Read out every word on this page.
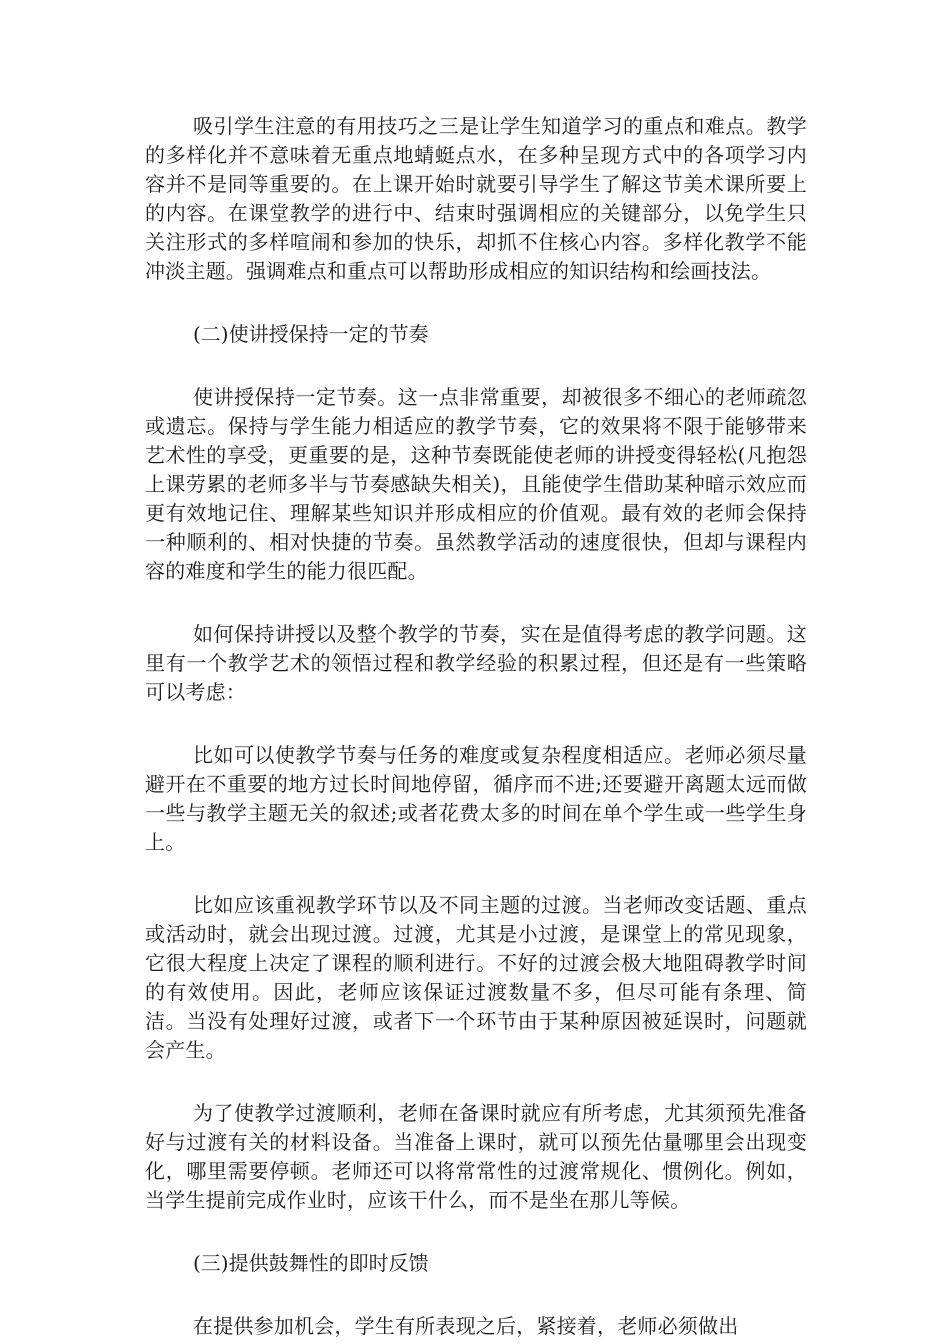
吸引学生注意的有用技巧之三是让学生知道学习的重点和难点。教学的多样化并不意味着无重点地蜻蜓点水，在多种呈现方式中的各项学习内容并不是同等重要的。在上课开始时就要引导学生了解这节美术课所要上的内容。在课堂教学的进行中、结束时强调相应的关键部分，以免学生只关注形式的多样喧闹和参加的快乐，却抓不住核心内容。多样化教学不能冲淡主题。强调难点和重点可以帮助形成相应的知识结构和绘画技法。

(二)使讲授保持一定的节奏

使讲授保持一定节奏。这一点非常重要，却被很多不细心的老师疏忽或遗忘。保持与学生能力相适应的教学节奏，它的效果将不限于能够带来艺术性的享受，更重要的是，这种节奏既能使老师的讲授变得轻松(凡抱怨上课劳累的老师多半与节奏感缺失相关)，且能使学生借助某种暗示效应而更有效地记住、理解某些知识并形成相应的价值观。最有效的老师会保持一种顺利的、相对快捷的节奏。虽然教学活动的速度很快，但却与课程内容的难度和学生的能力很匹配。

如何保持讲授以及整个教学的节奏，实在是值得考虑的教学问题。这里有一个教学艺术的领悟过程和教学经验的积累过程，但还是有一些策略可以考虑：

比如可以使教学节奏与任务的难度或复杂程度相适应。老师必须尽量避开在不重要的地方过长时间地停留，循序而不进;还要避开离题太远而做一些与教学主题无关的叙述;或者花费太多的时间在单个学生或一些学生身上。

比如应该重视教学环节以及不同主题的过渡。当老师改变话题、重点或活动时，就会出现过渡。过渡，尤其是小过渡，是课堂上的常见现象，它很大程度上决定了课程的顺利进行。不好的过渡会极大地阻碍教学时间的有效使用。因此，老师应该保证过渡数量不多，但尽可能有条理、简洁。当没有处理好过渡，或者下一个环节由于某种原因被延误时，问题就会产生。

为了使教学过渡顺利，老师在备课时就应有所考虑，尤其须预先准备好与过渡有关的材料设备。当准备上课时，就可以预先估量哪里会出现变化，哪里需要停顿。老师还可以将常常性的过渡常规化、惯例化。例如，当学生提前完成作业时，应该干什么，而不是坐在那儿等候。

(三)提供鼓舞性的即时反馈

在提供参加机会，学生有所表现之后，紧接着，老师必须做出
